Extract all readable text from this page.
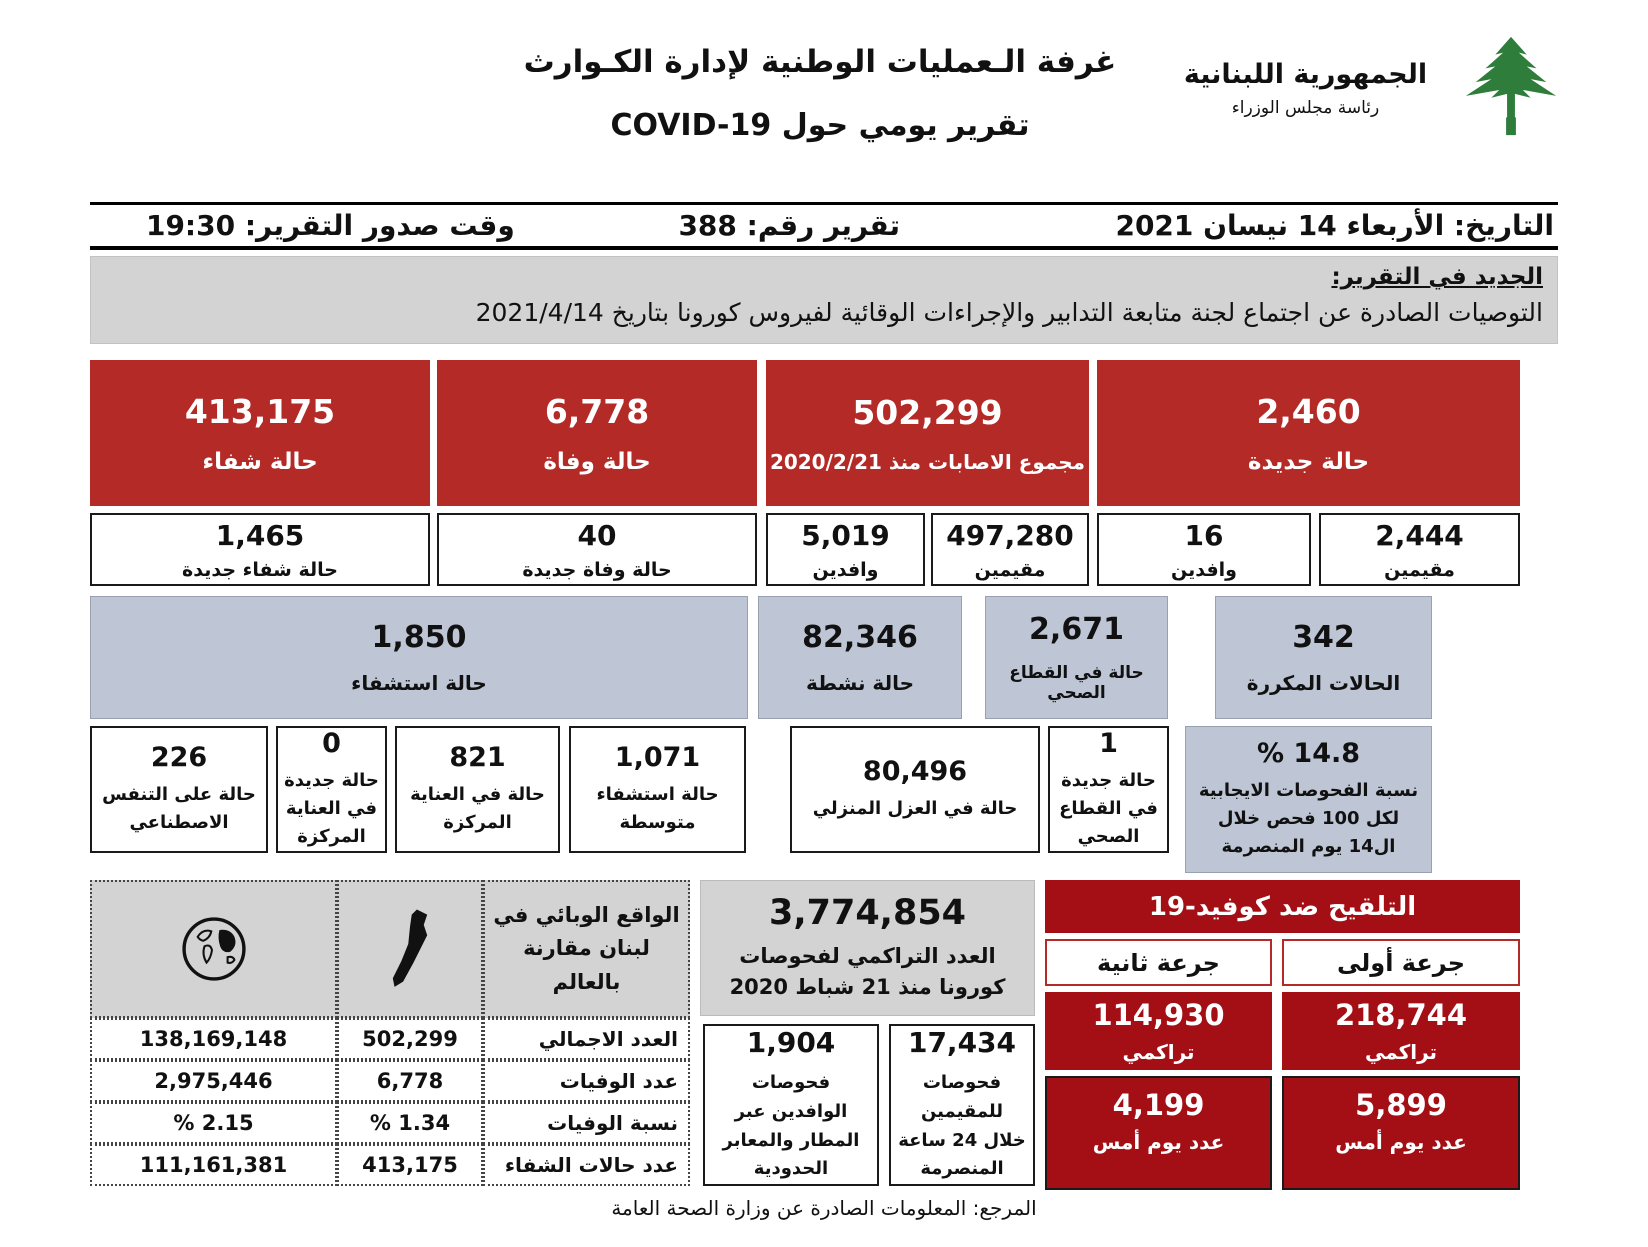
غرفة الـعمليات الوطنية لإدارة الكـوارث
تقرير يومي حول COVID-19
الجمهورية اللبنانية
رئاسة مجلس الوزراء
التاريخ: الأربعاء 14 نيسان 2021
تقرير رقم: 388
وقت صدور التقرير: 19:30
الجديد في التقرير:
التوصيات الصادرة عن اجتماع لجنة متابعة التدابير والإجراءات الوقائية لفيروس كورونا بتاريخ 2021/4/14
2,460
حالة جديدة
502,299
مجموع الاصابات منذ 2020/2/21
6,778
حالة وفاة
413,175
حالة شفاء
2,444
مقيمين
16
وافدين
497,280
مقيمين
5,019
وافدين
40
حالة وفاة جديدة
1,465
حالة شفاء جديدة
342
الحالات المكررة
2,671
حالة في القطاع الصحي
82,346
حالة نشطة
1,850
حالة استشفاء
14.8 %
نسبة الفحوصات الايجابية لكل 100 فحص خلال ال14 يوم المنصرمة
1
حالة جديدة في القطاع الصحي
80,496
حالة في العزل المنزلي
1,071
حالة استشفاء متوسطة
821
حالة في العناية المركزة
0
حالة جديدة في العناية المركزة
226
حالة على التنفس الاصطناعي
الواقع الوبائي في لبنان مقارنة بالعالم
العدد الاجمالي
502,299
138,169,148
عدد الوفيات
6,778
2,975,446
نسبة الوفيات
1.34 %
2.15 %
عدد حالات الشفاء
413,175
111,161,381
3,774,854
العدد التراكمي لفحوصات كورونا منذ 21 شباط 2020
17,434
فحوصات للمقيمين خلال 24 ساعة المنصرمة
1,904
فحوصات الوافدين عبر المطار والمعابر الحدودية
التلقيح ضد كوفيد-19
جرعة أولى
جرعة ثانية
218,744
تراكمي
114,930
تراكمي
5,899
عدد يوم أمس
4,199
عدد يوم أمس
المرجع: المعلومات الصادرة عن وزارة الصحة العامة
